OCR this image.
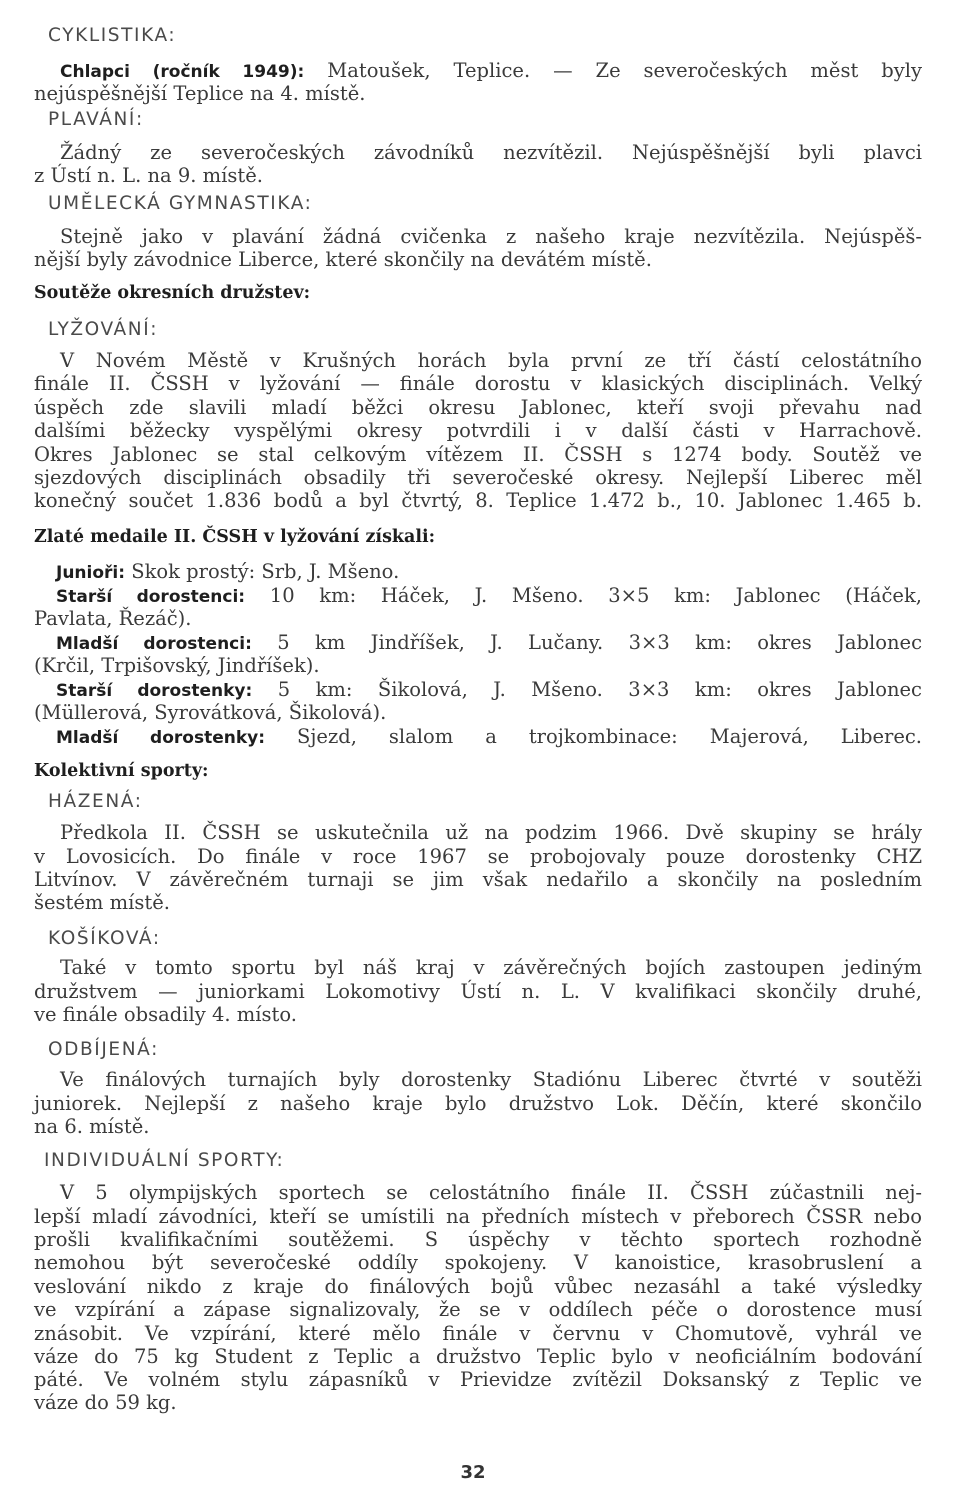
CYKLISTIKA:
Chlapci (ročník 1949): Matoušek, Teplice. — Ze severočeských měst byly
nejúspěšnější Teplice na 4. místě.
PLAVÁNÍ:
Žádný ze severočeských závodníků nezvítězil. Nejúspěšnější byli plavci
z Ústí n. L. na 9. místě.
UMĚLECKÁ GYMNASTIKA:
Stejně jako v plavání žádná cvičenka z našeho kraje nezvítězila. Nejúspěš-
nější byly závodnice Liberce, které skončily na devátém místě.
Soutěže okresních družstev:
LYŽOVÁNÍ:
V Novém Městě v Krušných horách byla první ze tří částí celostátního
finále II. ČSSH v lyžování — finále dorostu v klasických disciplinách. Velký
úspěch zde slavili mladí běžci okresu Jablonec, kteří svoji převahu nad
dalšími běžecky vyspělými okresy potvrdili i v další části v Harrachově.
Okres Jablonec se stal celkovým vítězem II. ČSSH s 1274 body. Soutěž ve
sjezdových disciplinách obsadily tři severočeské okresy. Nejlepší Liberec měl
konečný součet 1.836 bodů a byl čtvrtý, 8. Teplice 1.472 b., 10. Jablonec 1.465 b.
Zlaté medaile II. ČSSH v lyžování získali:
Junioři: Skok prostý: Srb, J. Mšeno.
Starší dorostenci: 10 km: Háček, J. Mšeno. 3×5 km: Jablonec (Háček,
Pavlata, Řezáč).
Mladší dorostenci: 5 km Jindříšek, J. Lučany. 3×3 km: okres Jablonec
(Krčil, Trpišovský, Jindříšek).
Starší dorostenky: 5 km: Šikolová, J. Mšeno. 3×3 km: okres Jablonec
(Müllerová, Syrovátková, Šikolová).
Mladší dorostenky: Sjezd, slalom a trojkombinace: Majerová, Liberec.
Kolektivní sporty:
HÁZENÁ:
Předkola II. ČSSH se uskutečnila už na podzim 1966. Dvě skupiny se hrály
v Lovosicích. Do finále v roce 1967 se probojovaly pouze dorostenky CHZ
Litvínov. V závěrečném turnaji se jim však nedařilo a skončily na posledním
šestém místě.
KOŠÍKOVÁ:
Také v tomto sportu byl náš kraj v závěrečných bojích zastoupen jediným
družstvem — juniorkami Lokomotivy Ústí n. L. V kvalifikaci skončily druhé,
ve finále obsadily 4. místo.
ODBÍJENÁ:
Ve finálových turnajích byly dorostenky Stadiónu Liberec čtvrté v soutěži
juniorek. Nejlepší z našeho kraje bylo družstvo Lok. Děčín, které skončilo
na 6. místě.
INDIVIDUÁLNÍ SPORTY:
V 5 olympijských sportech se celostátního finále II. ČSSH zúčastnili nej-
lepší mladí závodníci, kteří se umístili na předních místech v přeborech ČSSR nebo
prošli kvalifikačními soutěžemi. S úspěchy v těchto sportech rozhodně
nemohou být severočeské oddíly spokojeny. V kanoistice, krasobruslení a
veslování nikdo z kraje do finálových bojů vůbec nezasáhl a také výsledky
ve vzpírání a zápase signalizovaly, že se v oddílech péče o dorostence musí
znásobit. Ve vzpírání, které mělo finále v červnu v Chomutově, vyhrál ve
váze do 75 kg Student z Teplic a družstvo Teplic bylo v neoficiálním bodování
páté. Ve volném stylu zápasníků v Prievidze zvítězil Doksanský z Teplic ve
váze do 59 kg.
32
